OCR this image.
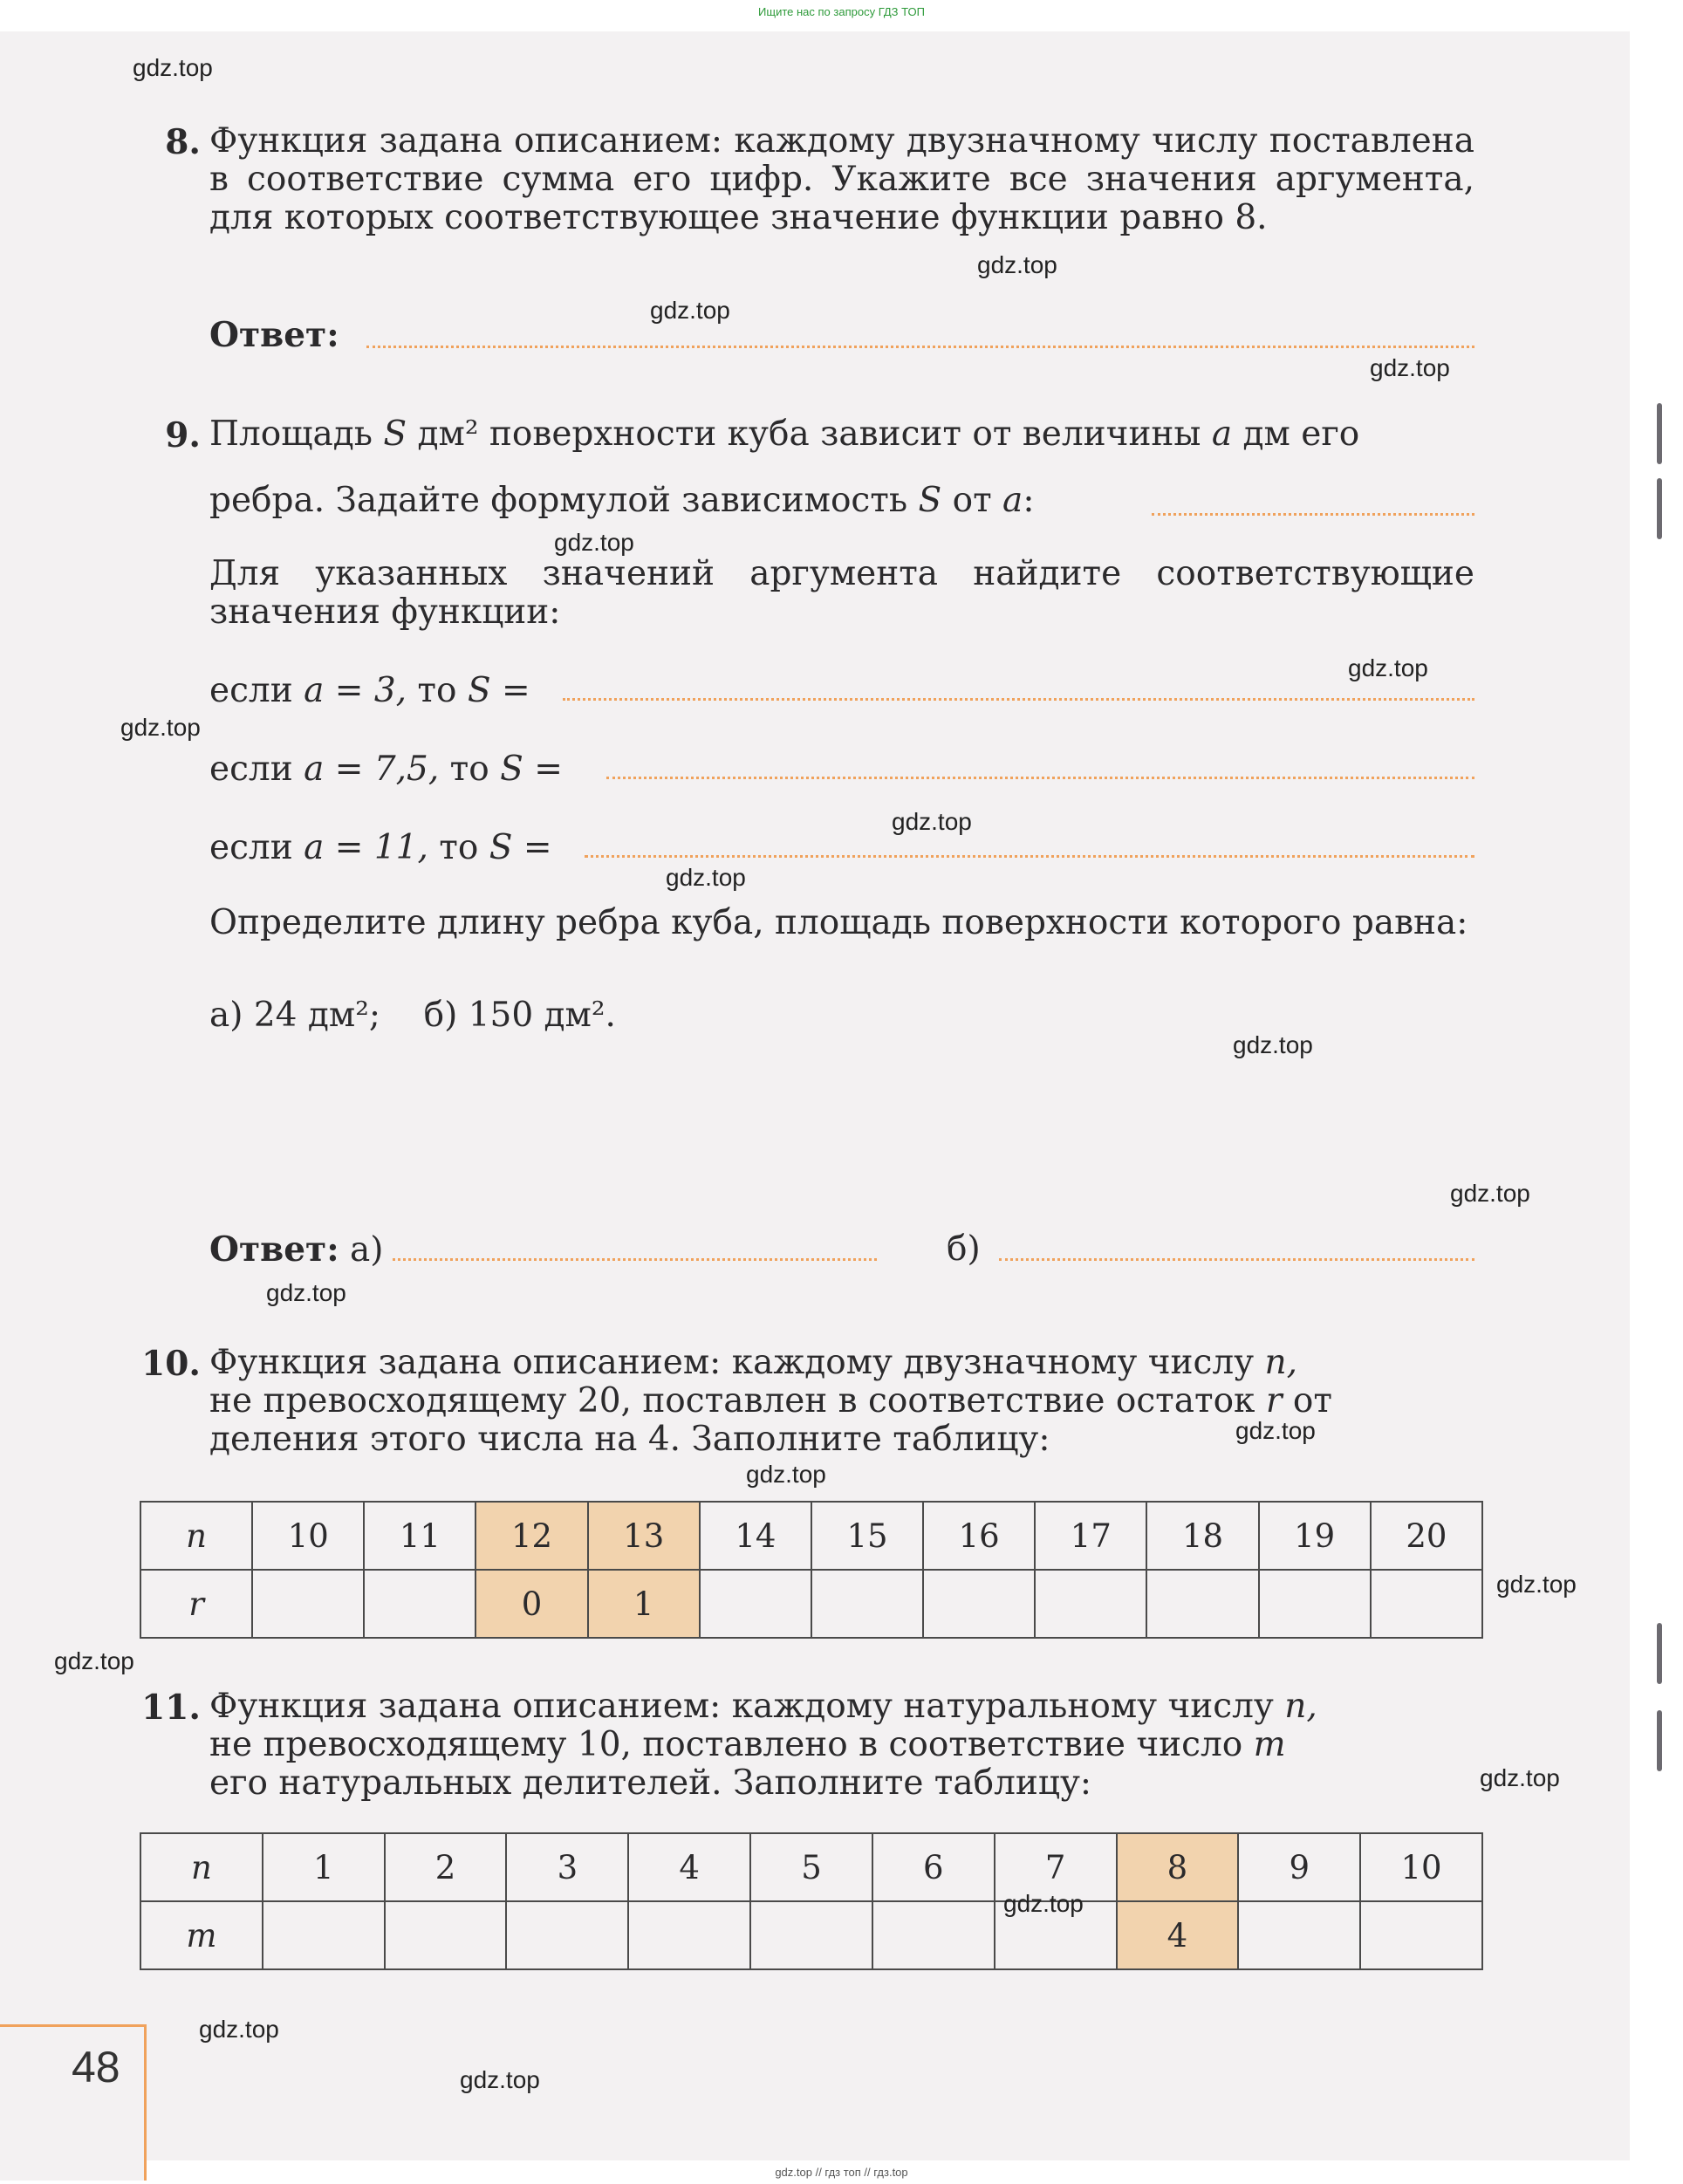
Ищите нас по запросу ГДЗ ТОП
8. Функция задана описанием: каждому двузначному числу поставлена в соответствие сумма его цифр. Укажите все значения аргумента, для которых соответствующее значение функции равно 8.
Ответ:
9. Площадь S дм² поверхности куба зависит от величины a дм его
ребра. Задайте формулой зависимость S от a:
Для указанных значений аргумента найдите соответствующие значения функции:
если a = 3, то S =
если a = 7,5, то S =
если a = 11, то S =
Определите длину ребра куба, площадь поверхности которого равна:
а) 24 дм²;    б) 150 дм².
Ответ: а)	б)
10. Функция задана описанием: каждому двузначному числу n,
не превосходящему 20, поставлен в соответствие остаток r от
деления этого числа на 4. Заполните таблицу:
n	10	11	12	13	14	15	16	17	18	19	20
r			0	1							
11. Функция задана описанием: каждому натуральному числу n,
не превосходящему 10, поставлено в соответствие число m
его натуральных делителей. Заполните таблицу:
n	1	2	3	4	5	6	7	8	9	10
m								4		
48
gdz.top
gdz.top
gdz.top
gdz.top
gdz.top
gdz.top
gdz.top
gdz.top
gdz.top
gdz.top
gdz.top
gdz.top
gdz.top
gdz.top
gdz.top
gdz.top
gdz.top
gdz.top
gdz.top
gdz.top
gdz.top // гдз топ // гдз.top
